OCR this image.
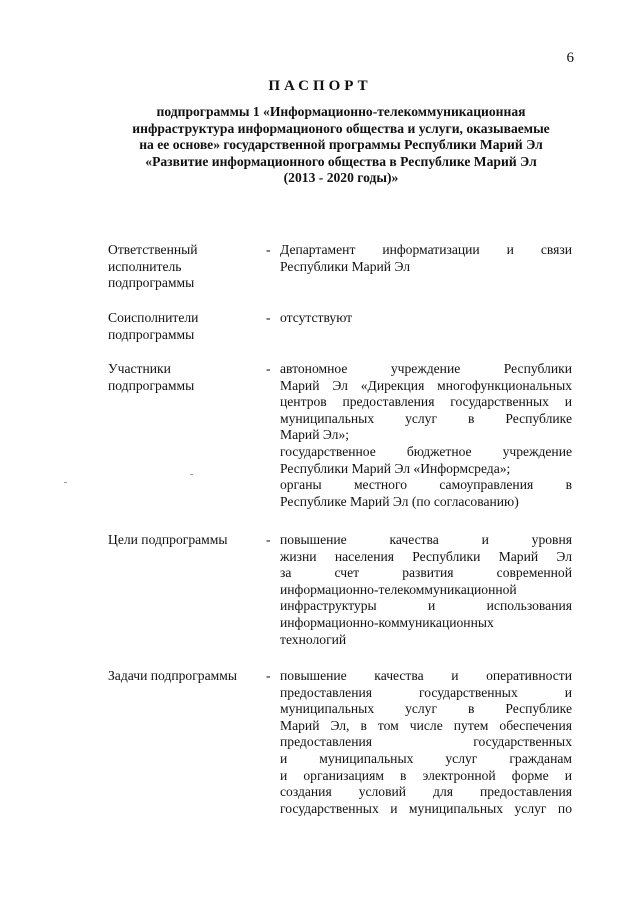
6
ПАСПОРТ
подпрограммы 1 «Информационно-телекоммуникационная
инфраструктура информационого общества и услуги, оказываемые
на ее основе» государственной программы Республики Марий Эл
«Развитие информационного общества в Республике Марий Эл
(2013 - 2020 годы)»
Ответственный
исполнитель
подпрограммы
- Департамент информатизации и связи
Республики Марий Эл
Соисполнители
подпрограммы
- отсутствуют
Участники
подпрограммы
- автономное учреждение Республики
Марий Эл «Дирекция многофункциональных
центров предоставления государственных и
муниципальных услуг в Республике
Марий Эл»;
государственное бюджетное учреждение
Республики Марий Эл «Информсреда»;
органы местного самоуправления в
Республике Марий Эл (по согласованию)
Цели подпрограммы	- повышение качества и уровня
жизни населения Республики Марий Эл
за счет развития современной
информационно-телекоммуникационной
инфраструктуры и использования
информационно-коммуникационных
технологий
Задачи подпрограммы	- повышение качества и оперативности
предоставления государственных и
муниципальных услуг в Республике
Марий Эл, в том числе путем обеспечения
предоставления государственных
и муниципальных услуг гражданам
и организациям в электронной форме и
создания условий для предоставления
государственных и муниципальных услуг по
